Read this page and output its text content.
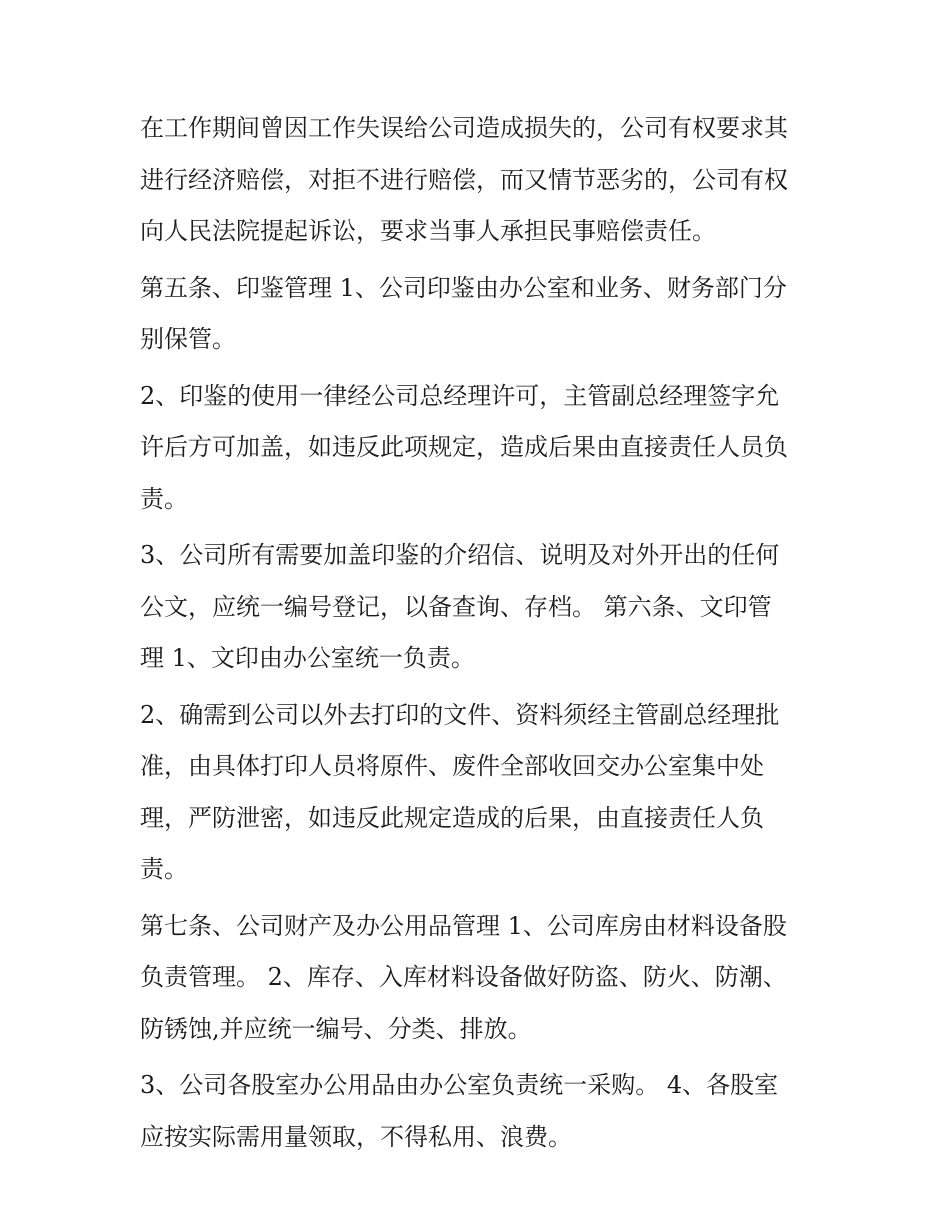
在工作期间曾因工作失误给公司造成损失的，公司有权要求其
进行经济赔偿，对拒不进行赔偿，而又情节恶劣的，公司有权
向人民法院提起诉讼，要求当事人承担民事赔偿责任。

第五条、印鉴管理 1、公司印鉴由办公室和业务、财务部门分
别保管。

2、印鉴的使用一律经公司总经理许可，主管副总经理签字允
许后方可加盖，如违反此项规定，造成后果由直接责任人员负
责。

3、公司所有需要加盖印鉴的介绍信、说明及对外开出的任何
公文，应统一编号登记，以备查询、存档。 第六条、文印管
理 1、文印由办公室统一负责。

2、确需到公司以外去打印的文件、资料须经主管副总经理批
准，由具体打印人员将原件、废件全部收回交办公室集中处
理，严防泄密，如违反此规定造成的后果，由直接责任人负
责。

第七条、公司财产及办公用品管理 1、公司库房由材料设备股
负责管理。 2、库存、入库材料设备做好防盗、防火、防潮、
防锈蚀,并应统一编号、分类、排放。

3、公司各股室办公用品由办公室负责统一采购。 4、各股室
应按实际需用量领取，不得私用、浪费。
